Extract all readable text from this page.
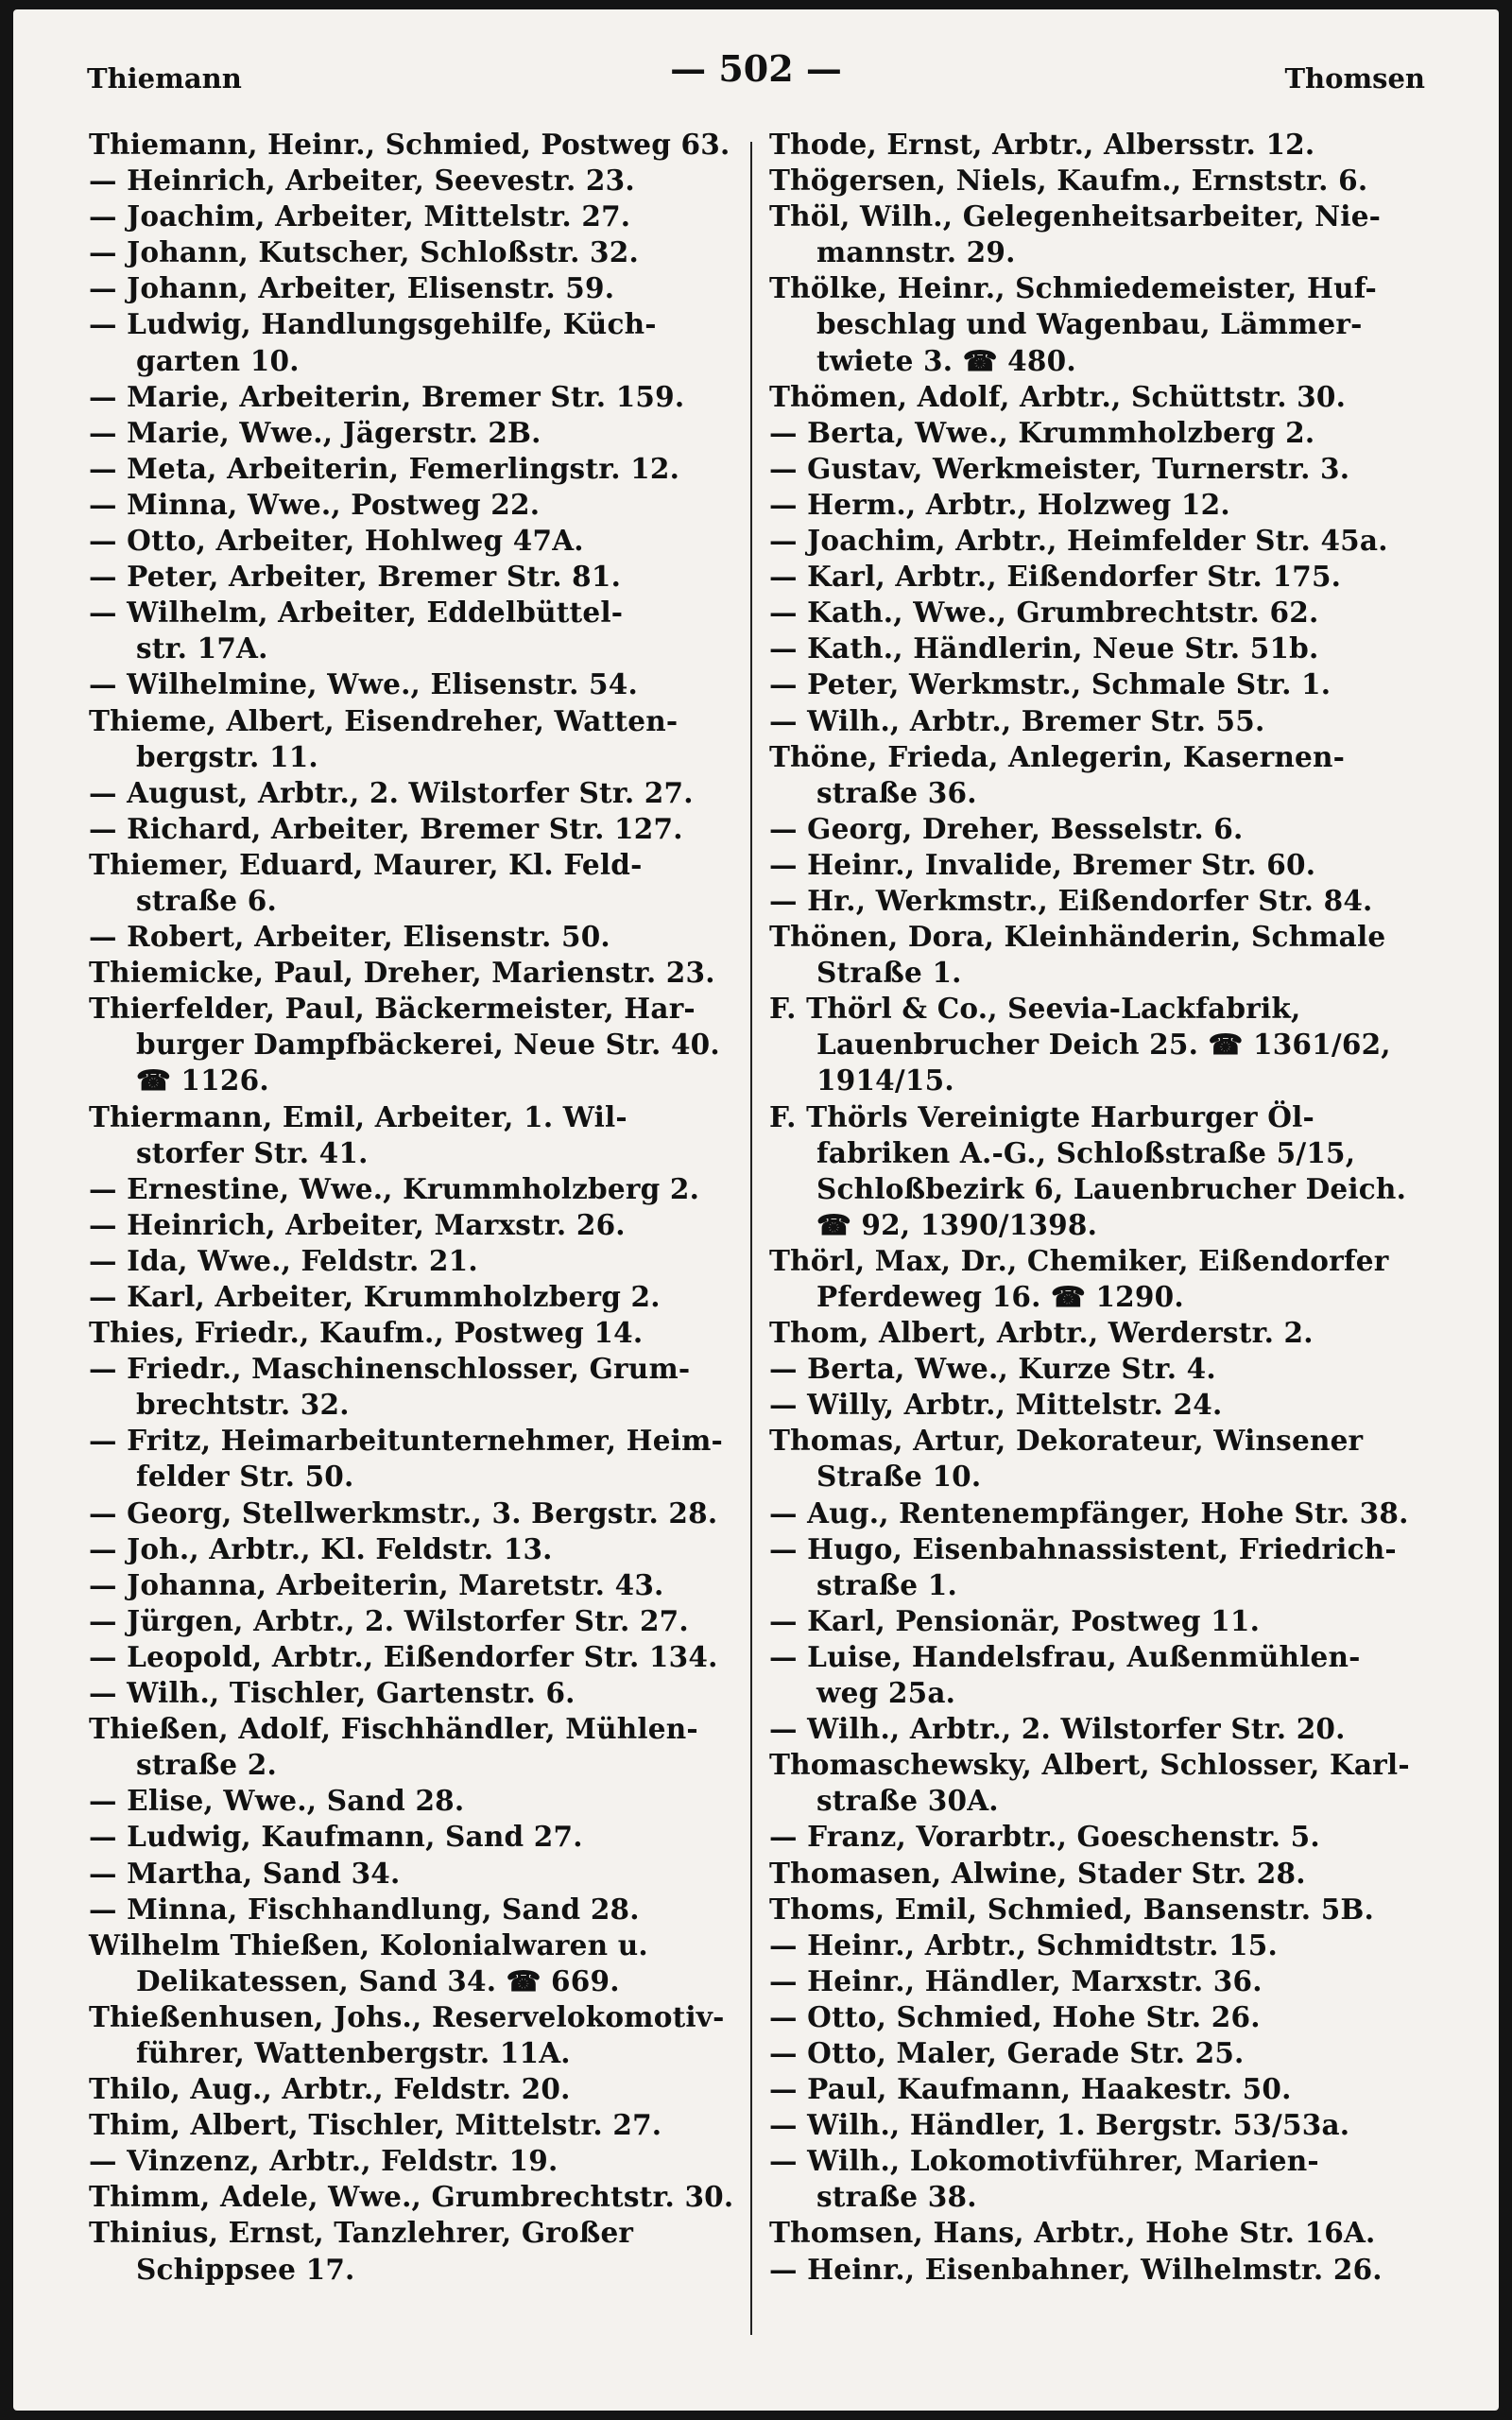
Thiemann	— 502 —	Thomsen
Thiemann, Heinr., Schmied, Postweg 63.
— Heinrich, Arbeiter, Seevestr. 23.
— Joachim, Arbeiter, Mittelstr. 27.
— Johann, Kutscher, Schloßstr. 32.
— Johann, Arbeiter, Elisenstr. 59.
— Ludwig, Handlungsgehilfe, Küch-
garten 10.
— Marie, Arbeiterin, Bremer Str. 159.
— Marie, Wwe., Jägerstr. 2B.
— Meta, Arbeiterin, Femerlingstr. 12.
— Minna, Wwe., Postweg 22.
— Otto, Arbeiter, Hohlweg 47A.
— Peter, Arbeiter, Bremer Str. 81.
— Wilhelm, Arbeiter, Eddelbüttel-
str. 17A.
— Wilhelmine, Wwe., Elisenstr. 54.
Thieme, Albert, Eisendreher, Watten-
bergstr. 11.
— August, Arbtr., 2. Wilstorfer Str. 27.
— Richard, Arbeiter, Bremer Str. 127.
Thiemer, Eduard, Maurer, Kl. Feld-
straße 6.
— Robert, Arbeiter, Elisenstr. 50.
Thiemicke, Paul, Dreher, Marienstr. 23.
Thierfelder, Paul, Bäckermeister, Har-
burger Dampfbäckerei, Neue Str. 40.
☎ 1126.
Thiermann, Emil, Arbeiter, 1. Wil-
storfer Str. 41.
— Ernestine, Wwe., Krummholzberg 2.
— Heinrich, Arbeiter, Marxstr. 26.
— Ida, Wwe., Feldstr. 21.
— Karl, Arbeiter, Krummholzberg 2.
Thies, Friedr., Kaufm., Postweg 14.
— Friedr., Maschinenschlosser, Grum-
brechtstr. 32.
— Fritz, Heimarbeitunternehmer, Heim-
felder Str. 50.
— Georg, Stellwerkmstr., 3. Bergstr. 28.
— Joh., Arbtr., Kl. Feldstr. 13.
— Johanna, Arbeiterin, Maretstr. 43.
— Jürgen, Arbtr., 2. Wilstorfer Str. 27.
— Leopold, Arbtr., Eißendorfer Str. 134.
— Wilh., Tischler, Gartenstr. 6.
Thießen, Adolf, Fischhändler, Mühlen-
straße 2.
— Elise, Wwe., Sand 28.
— Ludwig, Kaufmann, Sand 27.
— Martha, Sand 34.
— Minna, Fischhandlung, Sand 28.
Wilhelm Thießen, Kolonialwaren u.
Delikatessen, Sand 34. ☎ 669.
Thießenhusen, Johs., Reservelokomotiv-
führer, Wattenbergstr. 11A.
Thilo, Aug., Arbtr., Feldstr. 20.
Thim, Albert, Tischler, Mittelstr. 27.
— Vinzenz, Arbtr., Feldstr. 19.
Thimm, Adele, Wwe., Grumbrechtstr. 30.
Thinius, Ernst, Tanzlehrer, Großer
Schippsee 17.
Thode, Ernst, Arbtr., Albersstr. 12.
Thögersen, Niels, Kaufm., Ernststr. 6.
Thöl, Wilh., Gelegenheitsarbeiter, Nie-
mannstr. 29.
Thölke, Heinr., Schmiedemeister, Huf-
beschlag und Wagenbau, Lämmer-
twiete 3. ☎ 480.
Thömen, Adolf, Arbtr., Schüttstr. 30.
— Berta, Wwe., Krummholzberg 2.
— Gustav, Werkmeister, Turnerstr. 3.
— Herm., Arbtr., Holzweg 12.
— Joachim, Arbtr., Heimfelder Str. 45a.
— Karl, Arbtr., Eißendorfer Str. 175.
— Kath., Wwe., Grumbrechtstr. 62.
— Kath., Händlerin, Neue Str. 51b.
— Peter, Werkmstr., Schmale Str. 1.
— Wilh., Arbtr., Bremer Str. 55.
Thöne, Frieda, Anlegerin, Kasernen-
straße 36.
— Georg, Dreher, Besselstr. 6.
— Heinr., Invalide, Bremer Str. 60.
— Hr., Werkmstr., Eißendorfer Str. 84.
Thönen, Dora, Kleinhänderin, Schmale
Straße 1.
F. Thörl & Co., Seevia-Lackfabrik,
Lauenbrucher Deich 25. ☎ 1361/62,
1914/15.
F. Thörls Vereinigte Harburger Öl-
fabriken A.-G., Schloßstraße 5/15,
Schloßbezirk 6, Lauenbrucher Deich.
☎ 92, 1390/1398.
Thörl, Max, Dr., Chemiker, Eißendorfer
Pferdeweg 16. ☎ 1290.
Thom, Albert, Arbtr., Werderstr. 2.
— Berta, Wwe., Kurze Str. 4.
— Willy, Arbtr., Mittelstr. 24.
Thomas, Artur, Dekorateur, Winsener
Straße 10.
— Aug., Rentenempfänger, Hohe Str. 38.
— Hugo, Eisenbahnassistent, Friedrich-
straße 1.
— Karl, Pensionär, Postweg 11.
— Luise, Handelsfrau, Außenmühlen-
weg 25a.
— Wilh., Arbtr., 2. Wilstorfer Str. 20.
Thomaschewsky, Albert, Schlosser, Karl-
straße 30A.
— Franz, Vorarbtr., Goeschenstr. 5.
Thomasen, Alwine, Stader Str. 28.
Thoms, Emil, Schmied, Bansenstr. 5B.
— Heinr., Arbtr., Schmidtstr. 15.
— Heinr., Händler, Marxstr. 36.
— Otto, Schmied, Hohe Str. 26.
— Otto, Maler, Gerade Str. 25.
— Paul, Kaufmann, Haakestr. 50.
— Wilh., Händler, 1. Bergstr. 53/53a.
— Wilh., Lokomotivführer, Marien-
straße 38.
Thomsen, Hans, Arbtr., Hohe Str. 16A.
— Heinr., Eisenbahner, Wilhelmstr. 26.
